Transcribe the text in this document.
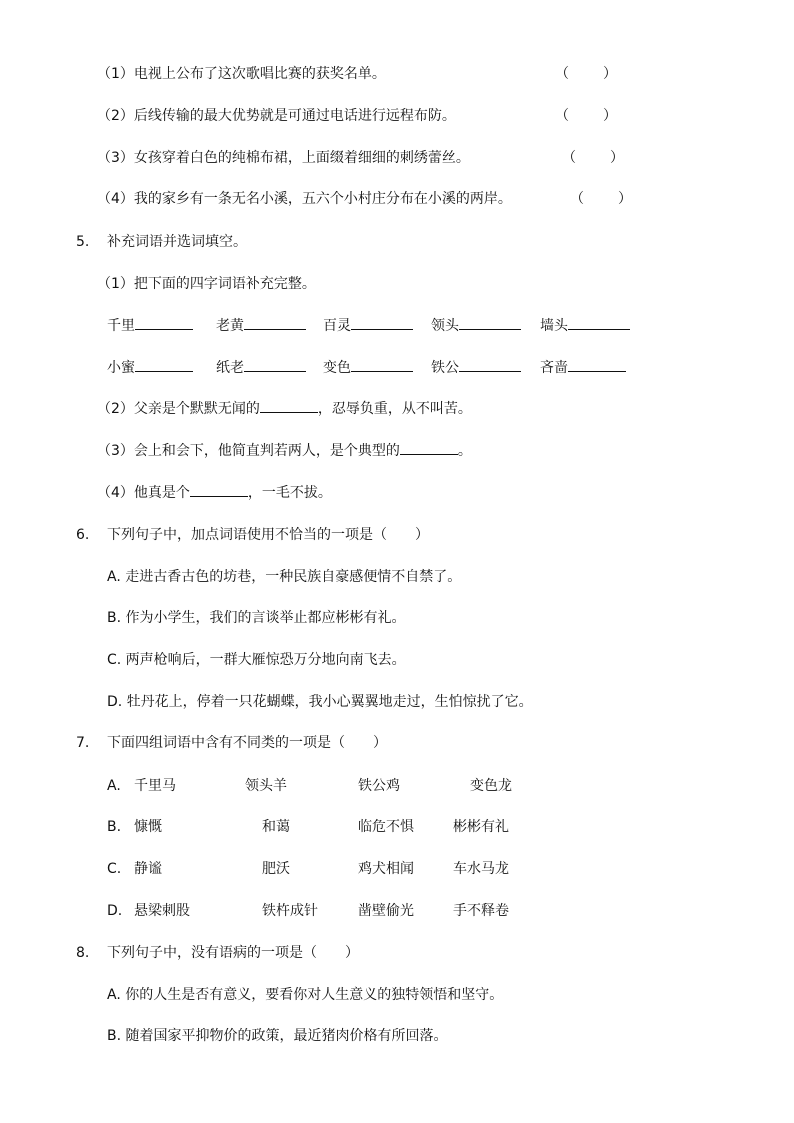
（1）电视上公布了这次歌唱比赛的获奖名单。	（ ）
（2）后线传输的最大优势就是可通过电话进行远程布防。	（ ）
（3）女孩穿着白色的纯棉布裙，上面缀着细细的刺绣蕾丝。	（ ）
（4）我的家乡有一条无名小溪，五六个小村庄分布在小溪的两岸。	（ ）
5. 补充词语并选词填空。
（1）把下面的四字词语补充完整。
千里	老黄	百灵	领头	墙头
小蜜	纸老	变色	铁公	吝啬
（2）父亲是个默默无闻的	，忍辱负重，从不叫苦。
（3）会上和会下，他简直判若两人，是个典型的	。
（4）他真是个	，一毛不拔。
6. 下列句子中，加点词语使用不恰当的一项是（　　）
A. 走进古香古色的坊巷，一种民族自豪感便情不自禁了。
B. 作为小学生，我们的言谈举止都应彬彬有礼。
C. 两声枪响后，一群大雁惊恐万分地向南飞去。
D. 牡丹花上，停着一只花蝴蝶，我小心翼翼地走过，生怕惊扰了它。
7. 下面四组词语中含有不同类的一项是（　　）
A. 千里马	领头羊	铁公鸡	变色龙
B. 慷慨	和蔼	临危不惧	彬彬有礼
C. 静谧	肥沃	鸡犬相闻	车水马龙
D. 悬梁刺股	铁杵成针	凿壁偷光	手不释卷
8. 下列句子中，没有语病的一项是（　　）
A. 你的人生是否有意义，要看你对人生意义的独特领悟和坚守。
B. 随着国家平抑物价的政策，最近猪肉价格有所回落。
